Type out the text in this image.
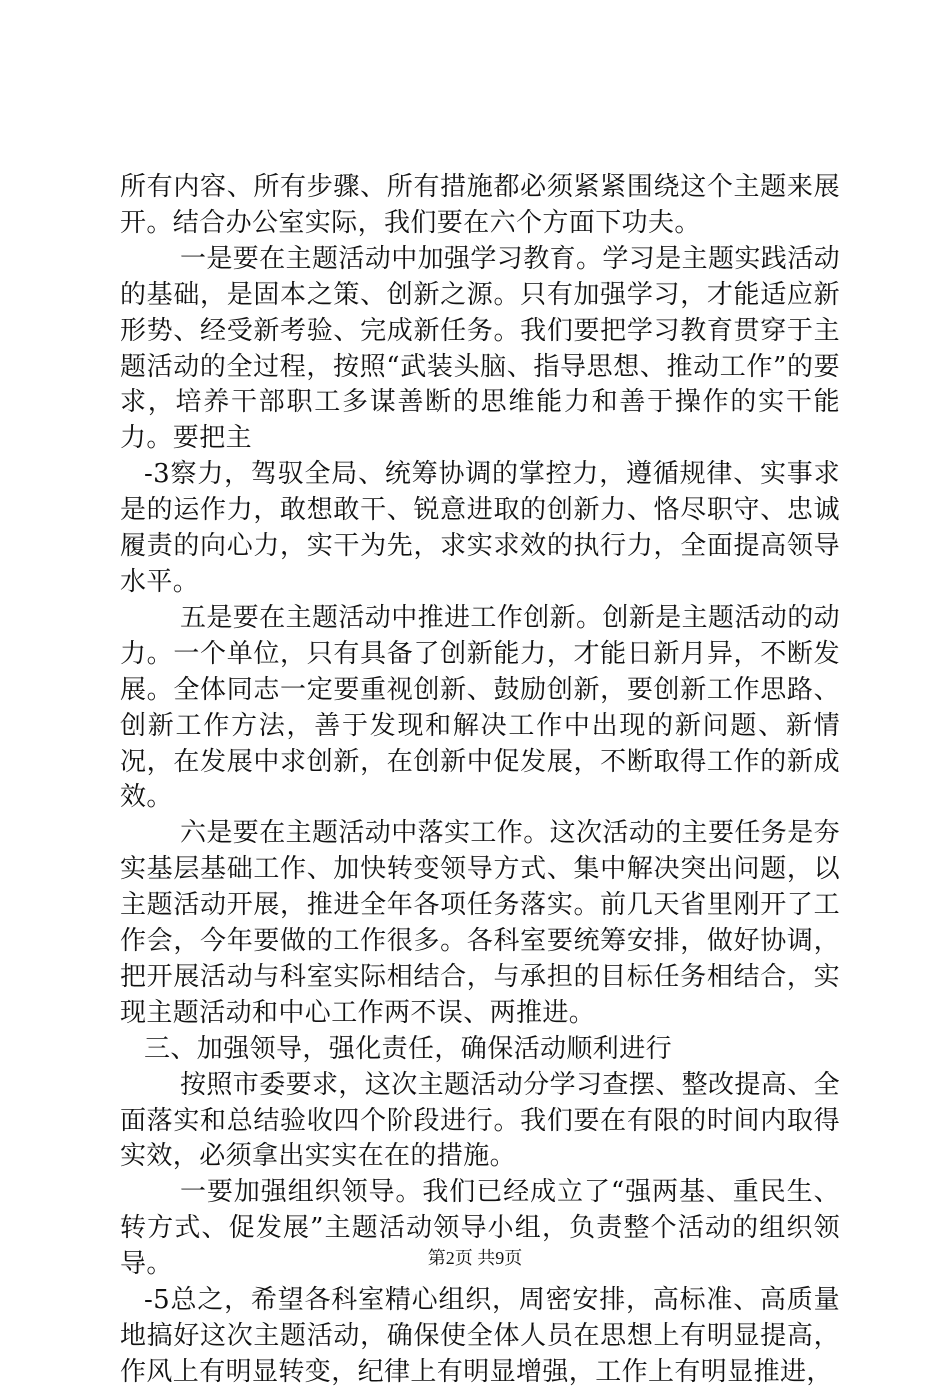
所有内容、所有步骤、所有措施都必须紧紧围绕这个主题来展开。结合办公室实际，我们要在六个方面下功夫。

一是要在主题活动中加强学习教育。学习是主题实践活动的基础，是固本之策、创新之源。只有加强学习，才能适应新形势、经受新考验、完成新任务。我们要把学习教育贯穿于主题活动的全过程，按照“武装头脑、指导思想、推动工作”的要求，培养干部职工多谋善断的思维能力和善于操作的实干能力。要把主

-3察力，驾驭全局、统筹协调的掌控力，遵循规律、实事求是的运作力，敢想敢干、锐意进取的创新力、恪尽职守、忠诚履责的向心力，实干为先，求实求效的执行力，全面提高领导水平。

五是要在主题活动中推进工作创新。创新是主题活动的动力。一个单位，只有具备了创新能力，才能日新月异，不断发展。全体同志一定要重视创新、鼓励创新，要创新工作思路、创新工作方法，善于发现和解决工作中出现的新问题、新情况，在发展中求创新，在创新中促发展，不断取得工作的新成效。

六是要在主题活动中落实工作。这次活动的主要任务是夯实基层基础工作、加快转变领导方式、集中解决突出问题，以主题活动开展，推进全年各项任务落实。前几天省里刚开了工作会，今年要做的工作很多。各科室要统筹安排，做好协调，把开展活动与科室实际相结合，与承担的目标任务相结合，实现主题活动和中心工作两不误、两推进。

三、加强领导，强化责任，确保活动顺利进行

按照市委要求，这次主题活动分学习查摆、整改提高、全面落实和总结验收四个阶段进行。我们要在有限的时间内取得实效，必须拿出实实在在的措施。

一要加强组织领导。我们已经成立了“强两基、重民生、转方式、促发展”主题活动领导小组，负责整个活动的组织领导。

-5总之，希望各科室精心组织，周密安排，高标准、高质量地搞好这次主题活动，确保使全体人员在思想上有明显提高，作风上有明显转变，纪律上有明显增强，工作上有明显推进，

第2页 共9页
